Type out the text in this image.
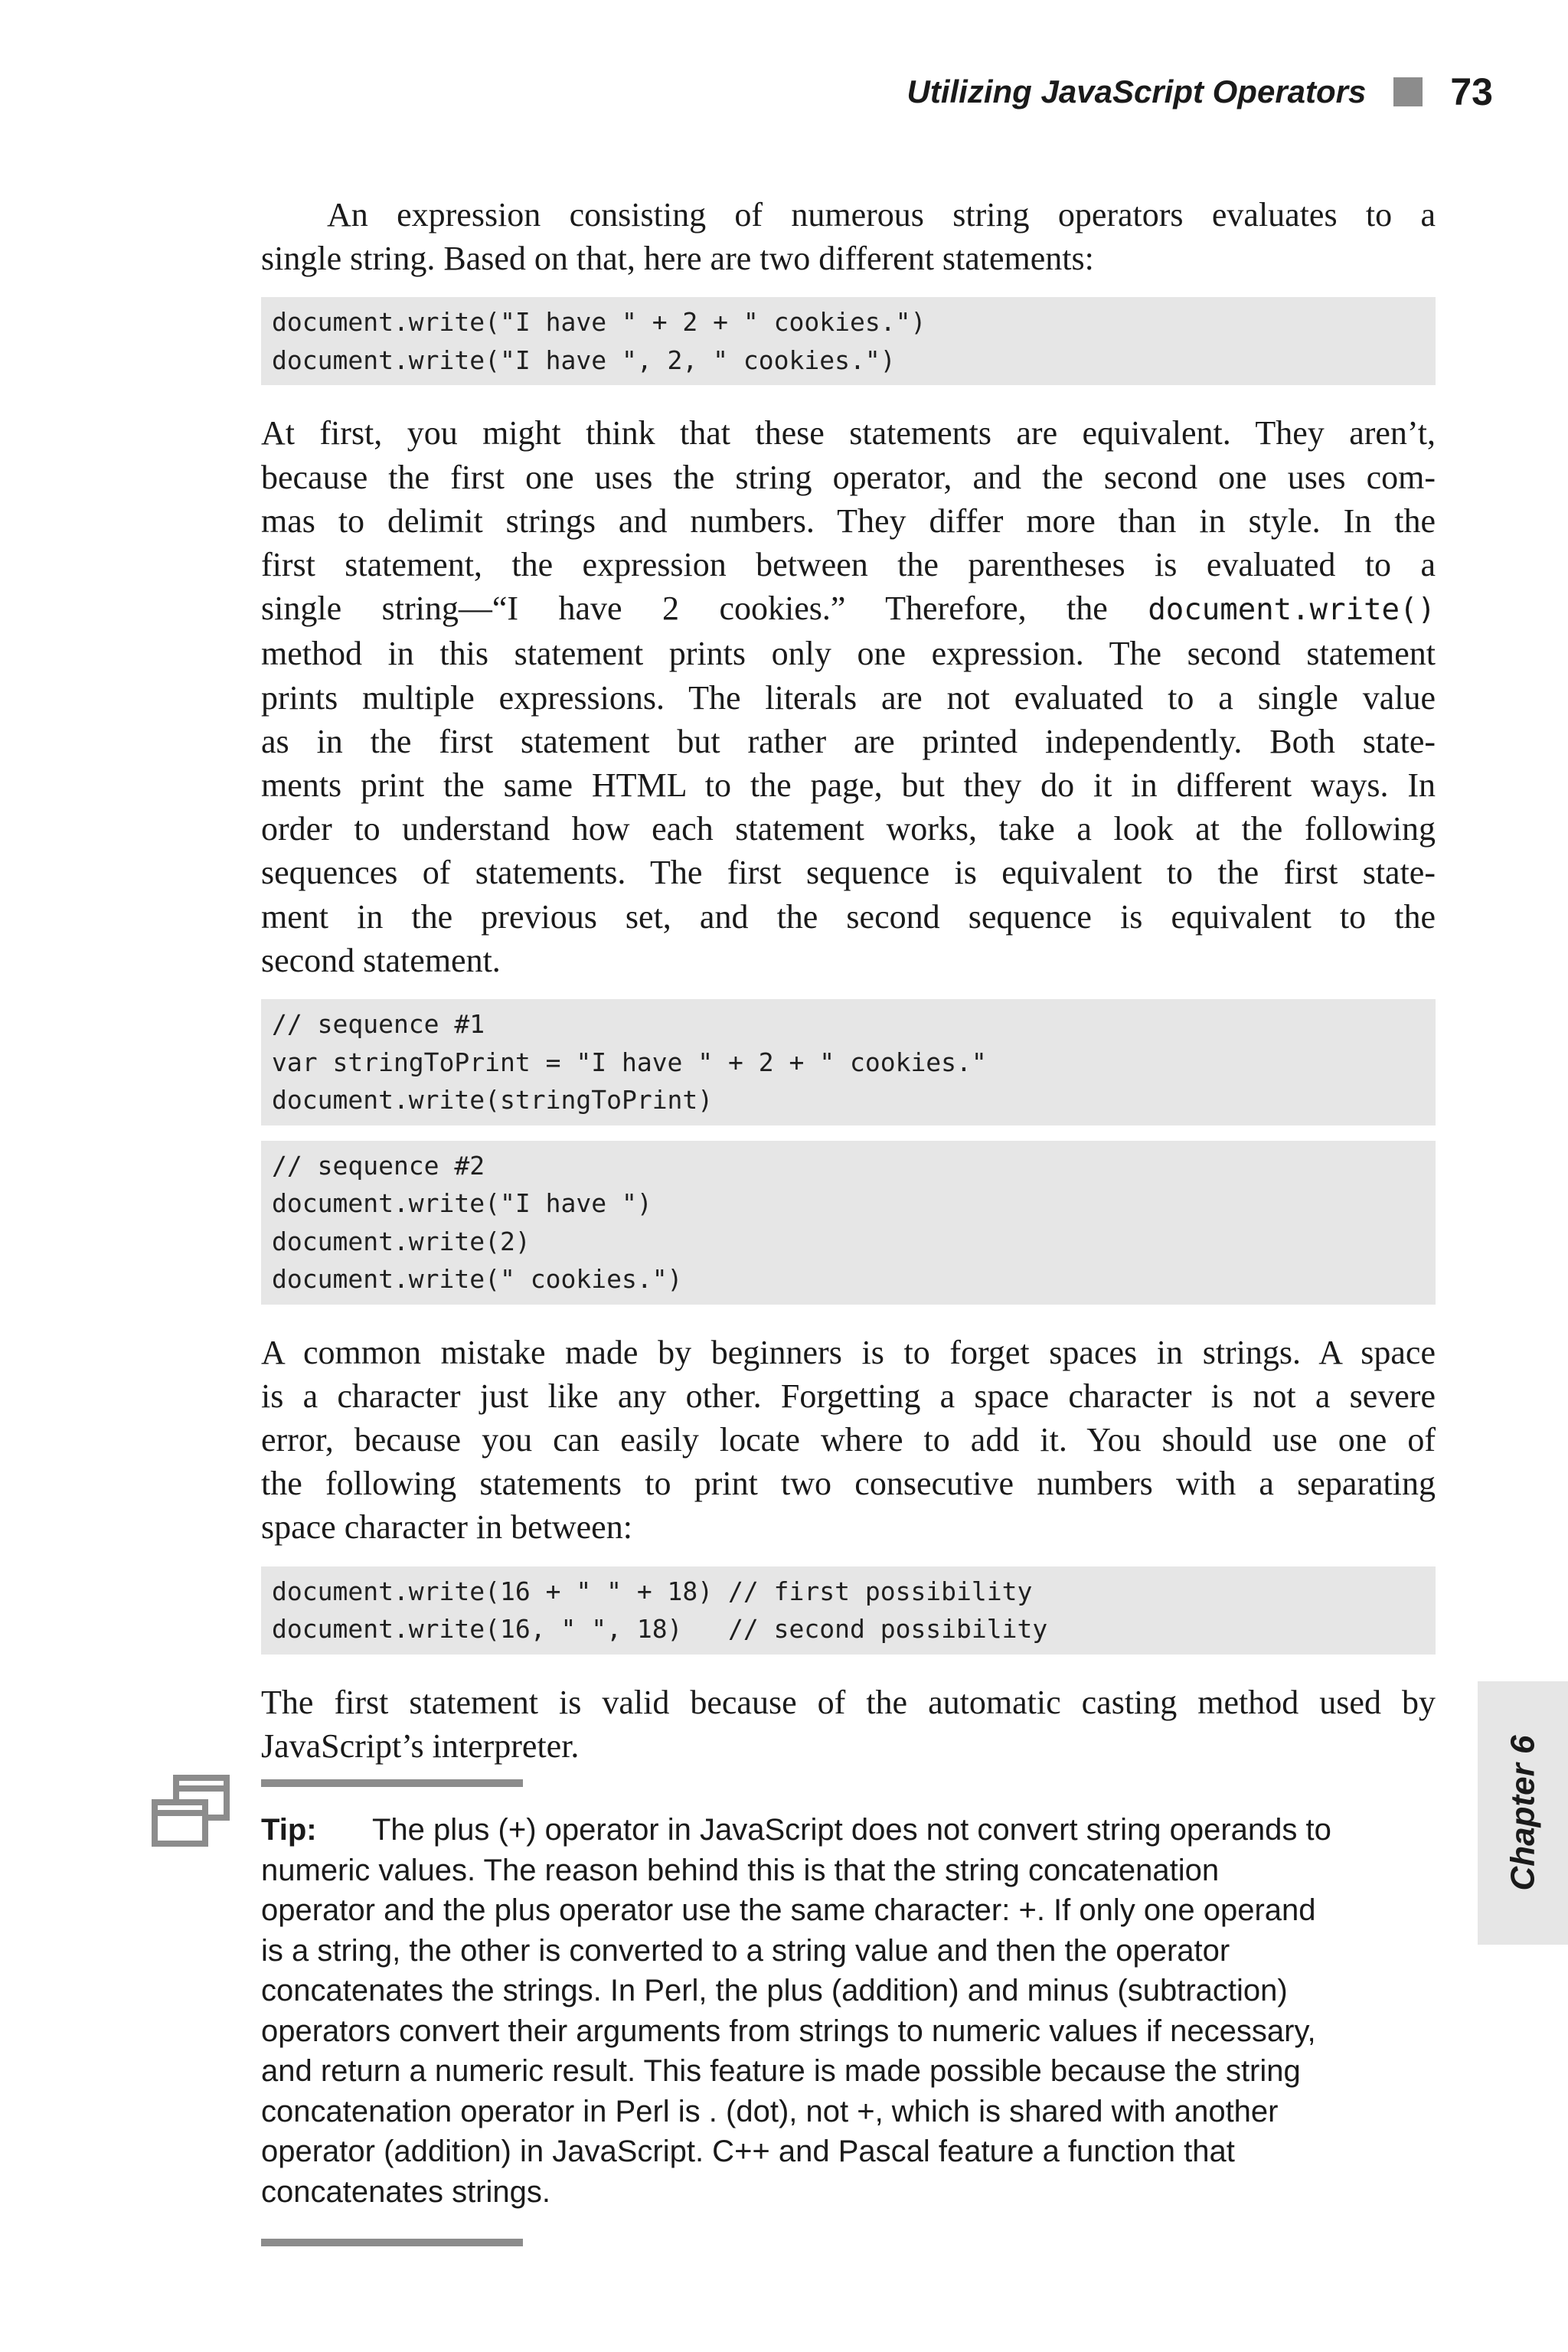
Utilizing JavaScript Operators 73

An expression consisting of numerous string operators evaluates to a
single string. Based on that, here are two different statements:

document.write("I have " + 2 + " cookies.")
document.write("I have ", 2, " cookies.")

At first, you might think that these statements are equivalent. They aren’t,
because the first one uses the string operator, and the second one uses com-
mas to delimit strings and numbers. They differ more than in style. In the
first statement, the expression between the parentheses is evaluated to a
single string—“I have 2 cookies.” Therefore, the document.write()
method in this statement prints only one expression. The second statement
prints multiple expressions. The literals are not evaluated to a single value
as in the first statement but rather are printed independently. Both state-
ments print the same HTML to the page, but they do it in different ways. In
order to understand how each statement works, take a look at the following
sequences of statements. The first sequence is equivalent to the first state-
ment in the previous set, and the second sequence is equivalent to the
second statement.

// sequence #1
var stringToPrint = "I have " + 2 + " cookies."
document.write(stringToPrint)
// sequence #2
document.write("I have ")
document.write(2)
document.write(" cookies.")

A common mistake made by beginners is to forget spaces in strings. A space
is a character just like any other. Forgetting a space character is not a severe
error, because you can easily locate where to add it. You should use one of
the following statements to print two consecutive numbers with a separating
space character in between:

document.write(16 + " " + 18) // first possibility
document.write(16, " ", 18)   // second possibility

The first statement is valid because of the automatic casting method used by
JavaScript’s interpreter.

Tip: The plus (+) operator in JavaScript does not convert string operands to
numeric values. The reason behind this is that the string concatenation
operator and the plus operator use the same character: +. If only one operand
is a string, the other is converted to a string value and then the operator
concatenates the strings. In Perl, the plus (addition) and minus (subtraction)
operators convert their arguments from strings to numeric values if necessary,
and return a numeric result. This feature is made possible because the string
concatenation operator in Perl is . (dot), not +, which is shared with another
operator (addition) in JavaScript. C++ and Pascal feature a function that
concatenates strings.
Chapter 6
